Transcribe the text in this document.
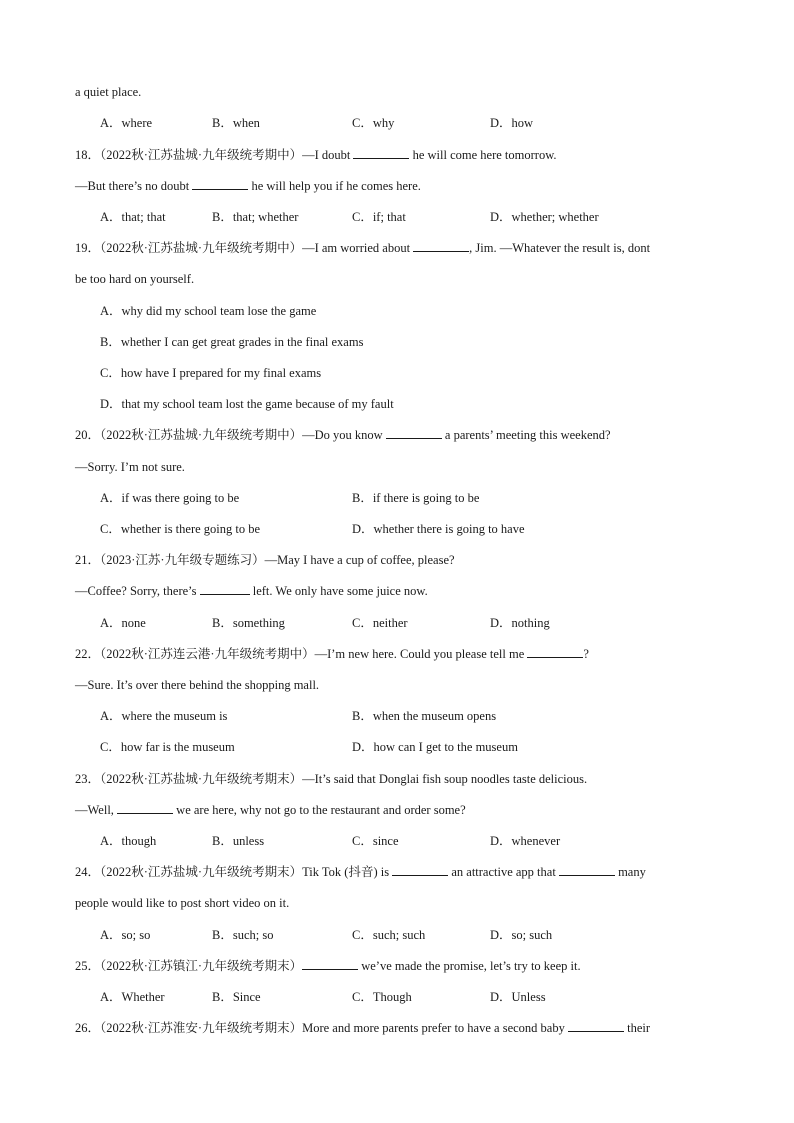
a quiet place.
A．where	B．when	C．why	D．how
18．（2022秋·江苏盐城·九年级统考期中）—I doubt	he will come here tomorrow.
—But there’s no doubt	he will help you if he comes here.
A．that; that	B．that; whether	C．if; that	D．whether; whether
19．（2022秋·江苏盐城·九年级统考期中）—I am worried about	, Jim. —Whatever the result is, dont
be too hard on yourself.
A．why did my school team lose the game
B．whether I can get great grades in the final exams
C．how have I prepared for my final exams
D．that my school team lost the game because of my fault
20．（2022秋·江苏盐城·九年级统考期中）—Do you know	a parents’ meeting this weekend?
—Sorry. I’m not sure.
A．if was there going to be	B．if there is going to be
C．whether is there going to be	D．whether there is going to have
21．（2023·江苏·九年级专题练习）—May I have a cup of coffee, please?
—Coffee? Sorry, there’s	left. We only have some juice now.
A．none	B．something	C．neither	D．nothing
22．（2022秋·江苏连云港·九年级统考期中）—I’m new here. Could you please tell me	?
—Sure. It’s over there behind the shopping mall.
A．where the museum is	B．when the museum opens
C．how far is the museum	D．how can I get to the museum
23．（2022秋·江苏盐城·九年级统考期末）—It’s said that Donglai fish soup noodles taste delicious.
—Well,	we are here, why not go to the restaurant and order some?
A．though	B．unless	C．since	D．whenever
24．（2022秋·江苏盐城·九年级统考期末）Tik Tok (抖音) is	an attractive app that	many
people would like to post short video on it.
A．so; so	B．such; so	C．such; such	D．so; such
25．（2022秋·江苏镇江·九年级统考期末）	we’ve made the promise, let’s try to keep it.
A．Whether	B．Since	C．Though	D．Unless
26．（2022秋·江苏淮安·九年级统考期末）More and more parents prefer to have a second baby	their
